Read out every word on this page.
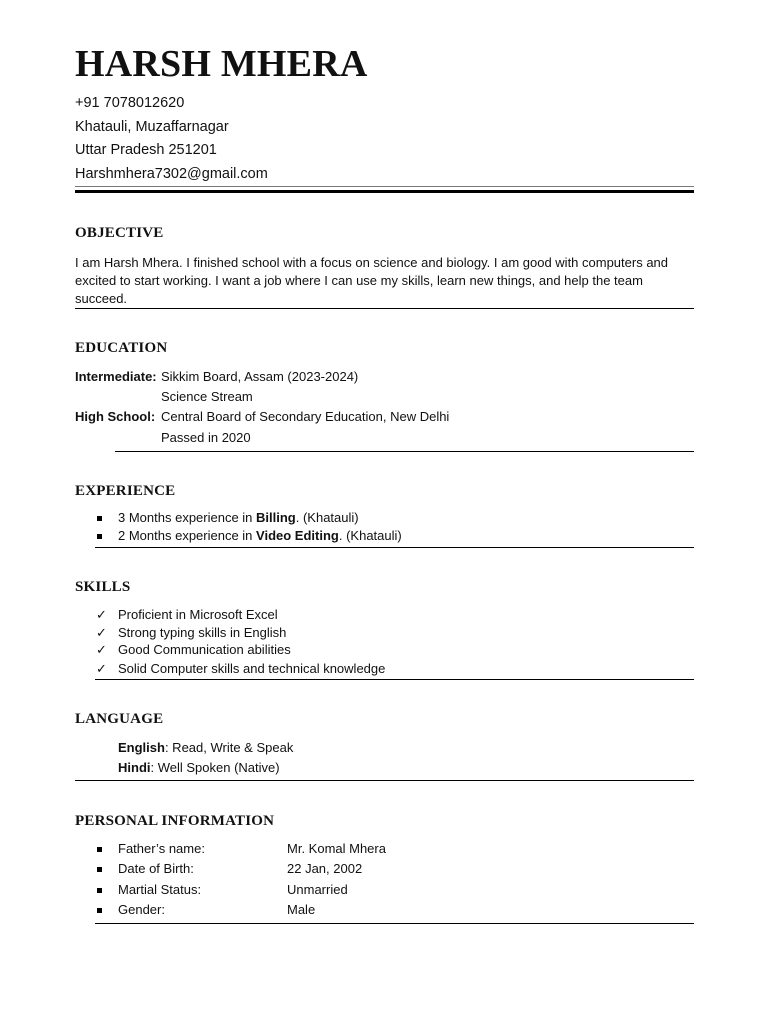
HARSH MHERA
+91 7078012620
Khatauli, Muzaffarnagar
Uttar Pradesh 251201
Harshmhera7302@gmail.com
OBJECTIVE
I am Harsh Mhera. I finished school with a focus on science and biology. I am good with computers and excited to start working. I want a job where I can use my skills, learn new things, and help the team succeed.
EDUCATION
Intermediate: Sikkim Board, Assam (2023-2024)
Science Stream
High School: Central Board of Secondary Education, New Delhi
Passed in 2020
EXPERIENCE
3 Months experience in Billing. (Khatauli)
2 Months experience in Video Editing. (Khatauli)
SKILLS
✓ Proficient in Microsoft Excel
✓ Strong typing skills in English
✓ Good Communication abilities
✓ Solid Computer skills and technical knowledge
LANGUAGE
English: Read, Write & Speak
Hindi: Well Spoken (Native)
PERSONAL INFORMATION
Father’s name:	Mr. Komal Mhera
Date of Birth:	22 Jan, 2002
Martial Status:	Unmarried
Gender:	Male
